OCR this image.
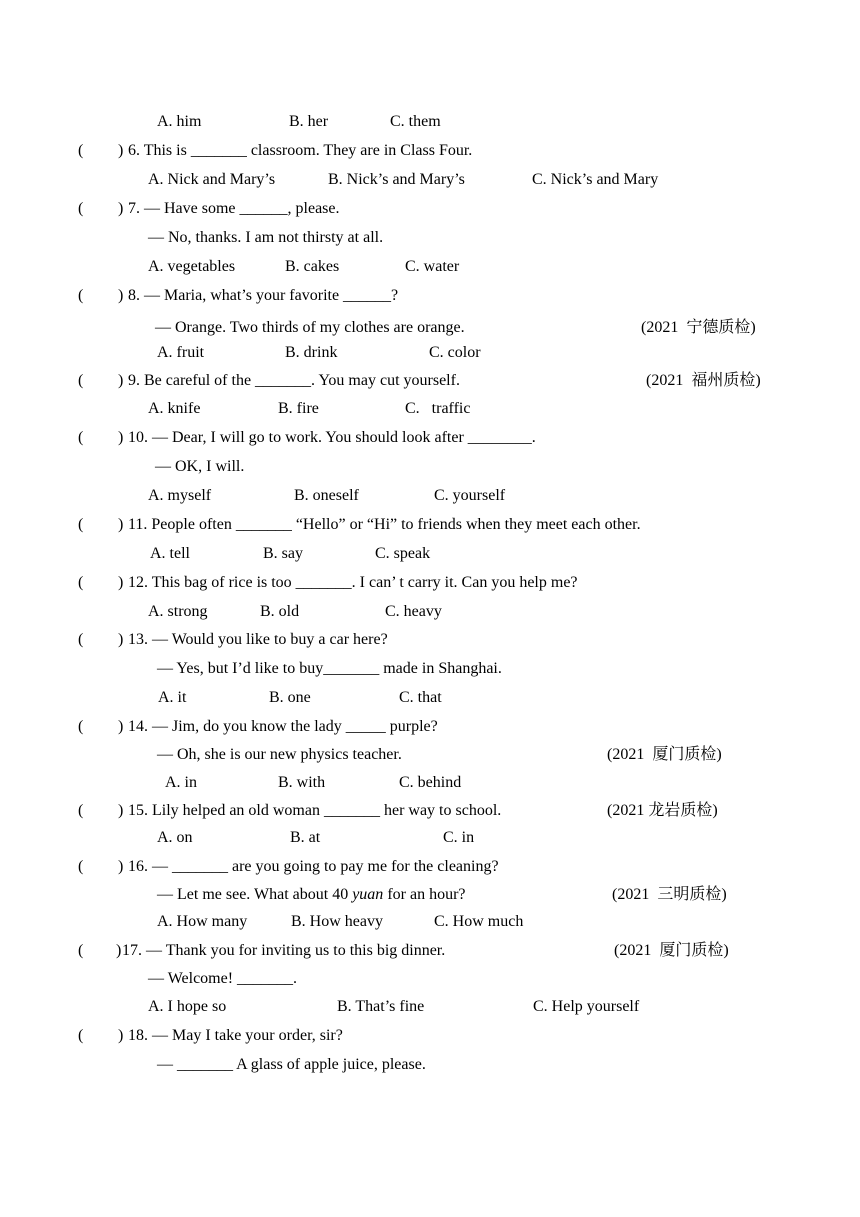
A. him	B. her	C. them
( ) 6. This is _______ classroom. They are in Class Four.
A. Nick and Mary’s	B. Nick’s and Mary’s	C. Nick’s and Mary
( ) 7. — Have some ______, please.
— No, thanks. I am not thirsty at all.
A. vegetables	B. cakes	C. water
( ) 8. — Maria, what’s your favorite ______?
— Orange. Two thirds of my clothes are orange.	(2021  宁德质检)
A. fruit	B. drink	C. color
( ) 9. Be careful of the _______. You may cut yourself.	(2021  福州质检)
A. knife	B. fire	C.   traffic
( ) 10. — Dear, I will go to work. You should look after ________.
— OK, I will.
A. myself	B. oneself	C. yourself
( ) 11. People often _______ “Hello” or “Hi” to friends when they meet each other.
A. tell	B. say	C. speak
( ) 12. This bag of rice is too _______. I can’ t carry it. Can you help me?
A. strong	B. old	C. heavy
( ) 13. — Would you like to buy a car here?
— Yes, but I’d like to buy_______ made in Shanghai.
A. it	B. one	C. that
( ) 14. — Jim, do you know the lady _____ purple?
— Oh, she is our new physics teacher.	(2021  厦门质检)
A. in	B. with	C. behind
( ) 15. Lily helped an old woman _______ her way to school.	(2021 龙岩质检)
A. on	B. at	C. in
( ) 16. — _______ are you going to pay me for the cleaning?
— Let me see. What about 40 yuan for an hour?	(2021  三明质检)
A. How many	B. How heavy	C. How much
( ) 17. — Thank you for inviting us to this big dinner.	(2021  厦门质检)
— Welcome! _______.
A. I hope so	B. That’s fine	C. Help yourself
( ) 18. — May I take your order, sir?
— _______ A glass of apple juice, please.
